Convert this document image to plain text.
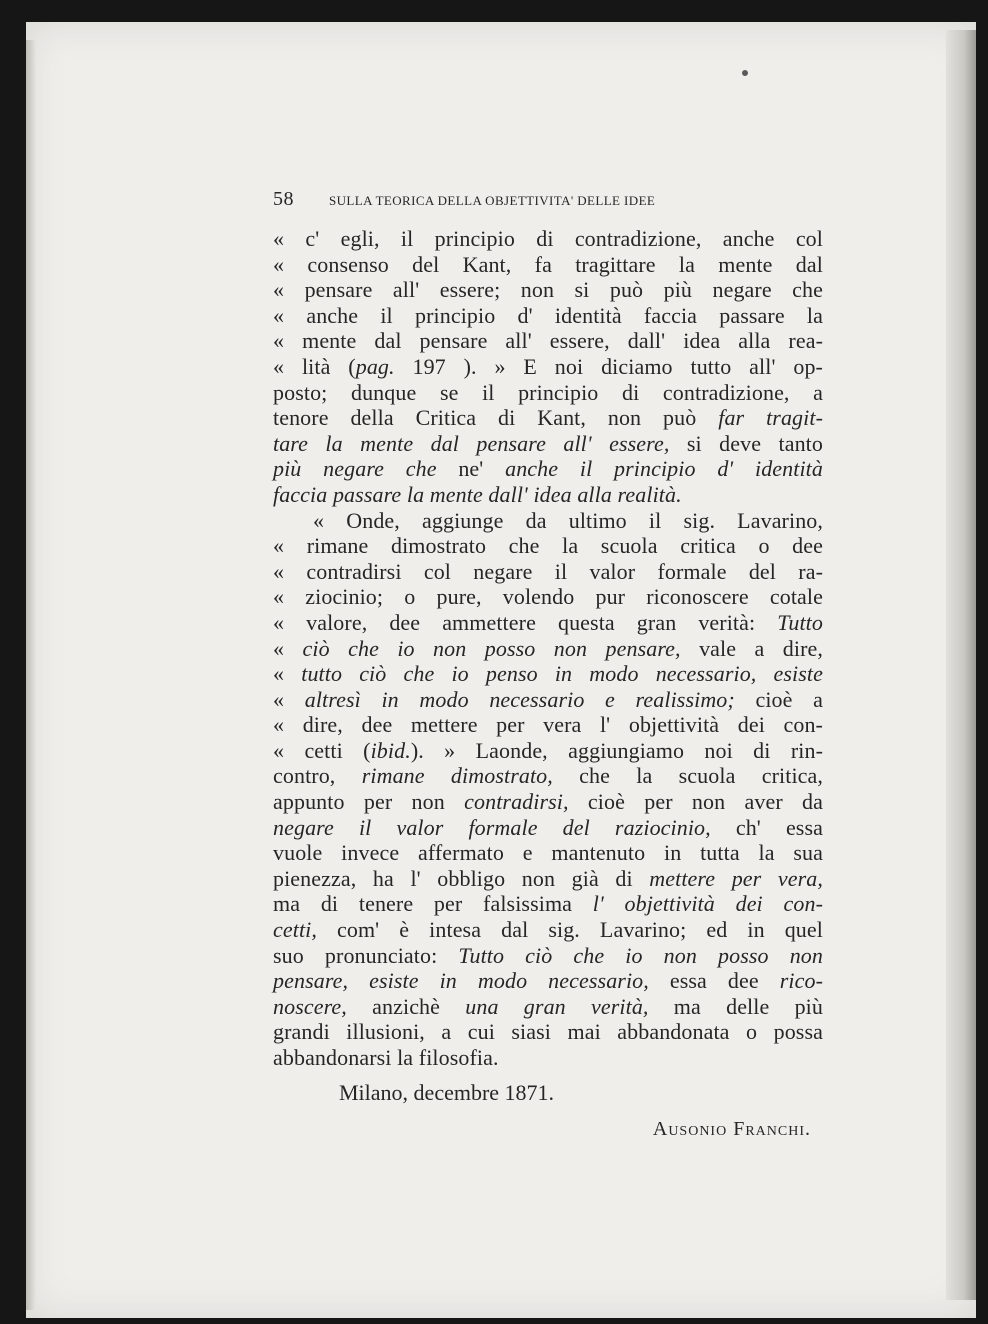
58	SULLA TEORICA DELLA OBJETTIVITA' DELLE IDEE
« c' egli, il principio di contradizione, anche col
« consenso del Kant, fa tragittare la mente dal
« pensare all' essere; non si può più negare che
« anche il principio d' identità faccia passare la
« mente dal pensare all' essere, dall' idea alla rea-
« lità (pag. 197 ). » E noi diciamo tutto all' op-
posto; dunque se il principio di contradizione, a
tenore della Critica di Kant, non può far tragit-
tare la mente dal pensare all' essere, si deve tanto
più negare che ne' anche il principio d' identità
faccia passare la mente dall' idea alla realità.
« Onde, aggiunge da ultimo il sig. Lavarino,
« rimane dimostrato che la scuola critica o dee
« contradirsi col negare il valor formale del ra-
« ziocinio; o pure, volendo pur riconoscere cotale
« valore, dee ammettere questa gran verità: Tutto
« ciò che io non posso non pensare, vale a dire,
« tutto ciò che io penso in modo necessario, esiste
« altresì in modo necessario e realissimo; cioè a
« dire, dee mettere per vera l' objettività dei con-
« cetti (ibid.). » Laonde, aggiungiamo noi di rin-
contro, rimane dimostrato, che la scuola critica,
appunto per non contradirsi, cioè per non aver da
negare il valor formale del raziocinio, ch' essa
vuole invece affermato e mantenuto in tutta la sua
pienezza, ha l' obbligo non già di mettere per vera,
ma di tenere per falsissima l' objettività dei con-
cetti, com' è intesa dal sig. Lavarino; ed in quel
suo pronunciato: Tutto ciò che io non posso non
pensare, esiste in modo necessario, essa dee rico-
noscere, anzichè una gran verità, ma delle più
grandi illusioni, a cui siasi mai abbandonata o possa
abbandonarsi la filosofia.
Milano, decembre 1871.
Ausonio Franchi.
